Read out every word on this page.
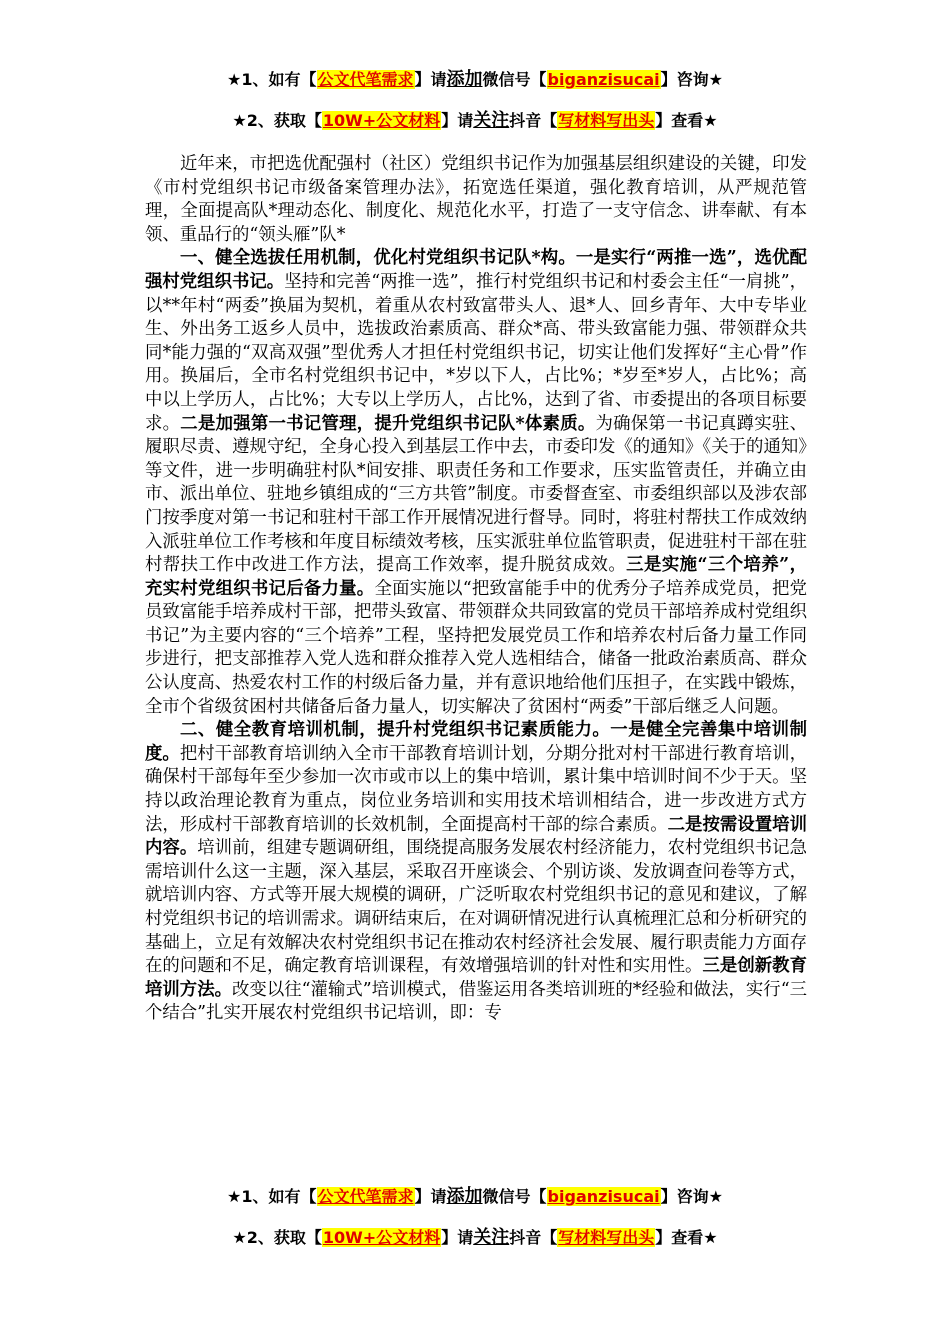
★1、如有【公文代笔需求】请添加微信号【biganzisucai】咨询★
★2、获取【10W+公文材料】请关注抖音【写材料写出头】查看★

近年来，市把选优配强村（社区）党组织书记作为加强基层组织建设的关键，印发《市村党组织书记市级备案管理办法》，拓宽选任渠道，强化教育培训，从严规范管理，全面提高队*理动态化、制度化、规范化水平，打造了一支守信念、讲奉献、有本领、重品行的“领头雁”队*

一、健全选拔任用机制，优化村党组织书记队*构。一是实行“两推一选”，选优配强村党组织书记。坚持和完善“两推一选”，推行村党组织书记和村委会主任“一肩挑”，以**年村“两委”换届为契机，着重从农村致富带头人、退*人、回乡青年、大中专毕业生、外出务工返乡人员中，选拔政治素质高、群众*高、带头致富能力强、带领群众共同*能力强的“双高双强”型优秀人才担任村党组织书记，切实让他们发挥好“主心骨”作用。换届后，全市名村党组织书记中，*岁以下人，占比%；*岁至*岁人，占比%；高中以上学历人，占比%；大专以上学历人，占比%，达到了省、市委提出的各项目标要求。二是加强第一书记管理，提升党组织书记队*体素质。为确保第一书记真蹲实驻、履职尽责、遵规守纪，全身心投入到基层工作中去，市委印发《的通知》《关于的通知》等文件，进一步明确驻村队*间安排、职责任务和工作要求，压实监管责任，并确立由市、派出单位、驻地乡镇组成的“三方共管”制度。市委督查室、市委组织部以及涉农部门按季度对第一书记和驻村干部工作开展情况进行督导。同时，将驻村帮扶工作成效纳入派驻单位工作考核和年度目标绩效考核，压实派驻单位监管职责，促进驻村干部在驻村帮扶工作中改进工作方法，提高工作效率，提升脱贫成效。三是实施“三个培养”，充实村党组织书记后备力量。全面实施以“把致富能手中的优秀分子培养成党员，把党员致富能手培养成村干部，把带头致富、带领群众共同致富的党员干部培养成村党组织书记”为主要内容的“三个培养”工程，坚持把发展党员工作和培养农村后备力量工作同步进行，把支部推荐入党人选和群众推荐入党人选相结合，储备一批政治素质高、群众公认度高、热爱农村工作的村级后备力量，并有意识地给他们压担子，在实践中锻炼，全市个省级贫困村共储备后备力量人，切实解决了贫困村“两委”干部后继乏人问题。

二、健全教育培训机制，提升村党组织书记素质能力。一是健全完善集中培训制度。把村干部教育培训纳入全市干部教育培训计划，分期分批对村干部进行教育培训，确保村干部每年至少参加一次市或市以上的集中培训，累计集中培训时间不少于天。坚持以政治理论教育为重点，岗位业务培训和实用技术培训相结合，进一步改进方式方法，形成村干部教育培训的长效机制，全面提高村干部的综合素质。二是按需设置培训内容。培训前，组建专题调研组，围绕提高服务发展农村经济能力，农村党组织书记急需培训什么这一主题，深入基层，采取召开座谈会、个别访谈、发放调查问卷等方式，就培训内容、方式等开展大规模的调研，广泛听取农村党组织书记的意见和建议，了解村党组织书记的培训需求。调研结束后，在对调研情况进行认真梳理汇总和分析研究的基础上，立足有效解决农村党组织书记在推动农村经济社会发展、履行职责能力方面存在的问题和不足，确定教育培训课程，有效增强培训的针对性和实用性。三是创新教育培训方法。改变以往“灌输式”培训模式，借鉴运用各类培训班的*经验和做法，实行“三个结合”扎实开展农村党组织书记培训，即：专

★1、如有【公文代笔需求】请添加微信号【biganzisucai】咨询★
★2、获取【10W+公文材料】请关注抖音【写材料写出头】查看★
